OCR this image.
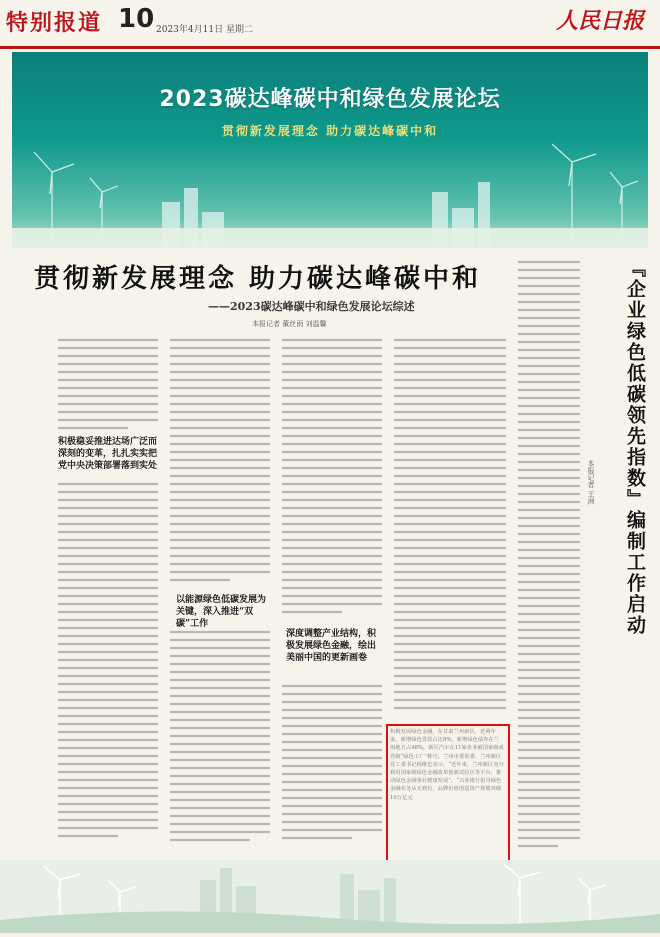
特别报道 10 2023年4月11日 星期二	人民日报
2023碳达峰碳中和绿色发展论坛
贯彻新发展理念 助力碳达峰碳中和
贯彻新发展理念 助力碳达峰碳中和
——2023碳达峰碳中和绿色发展论坛综述
本报记者 董丝雨 刘温馨
积极稳妥推进达场广泛而深刻的变革，扎扎实实把党中央决策部署落到实处
以能源绿色低碳发展为关键，深入推进“双碳”工作
深度调整产业结构，积极发展绿色金融，绘出美丽中国的更新画卷
『企业绿色低碳领先指数』编制工作启动
本报记者 王洲
积极发展绿色金融，在甘肃兰州新区，近两年来，新增绿色贷款占比8%，新增绿色债券在兰州地方占48%。新区汽车在11家企业被国家级或省级“绿色工厂”称号。兰州市委常委、兰州新区党工委书记杨维忠表示，“近年来，兰州新区充分利用国家级绿色金融改革创新试验区等平台，推动绿色金融事业健康发展”。“兴业银行倡导绿色金融业务从无到有，品牌价值创造资产规模突破10万亿元
